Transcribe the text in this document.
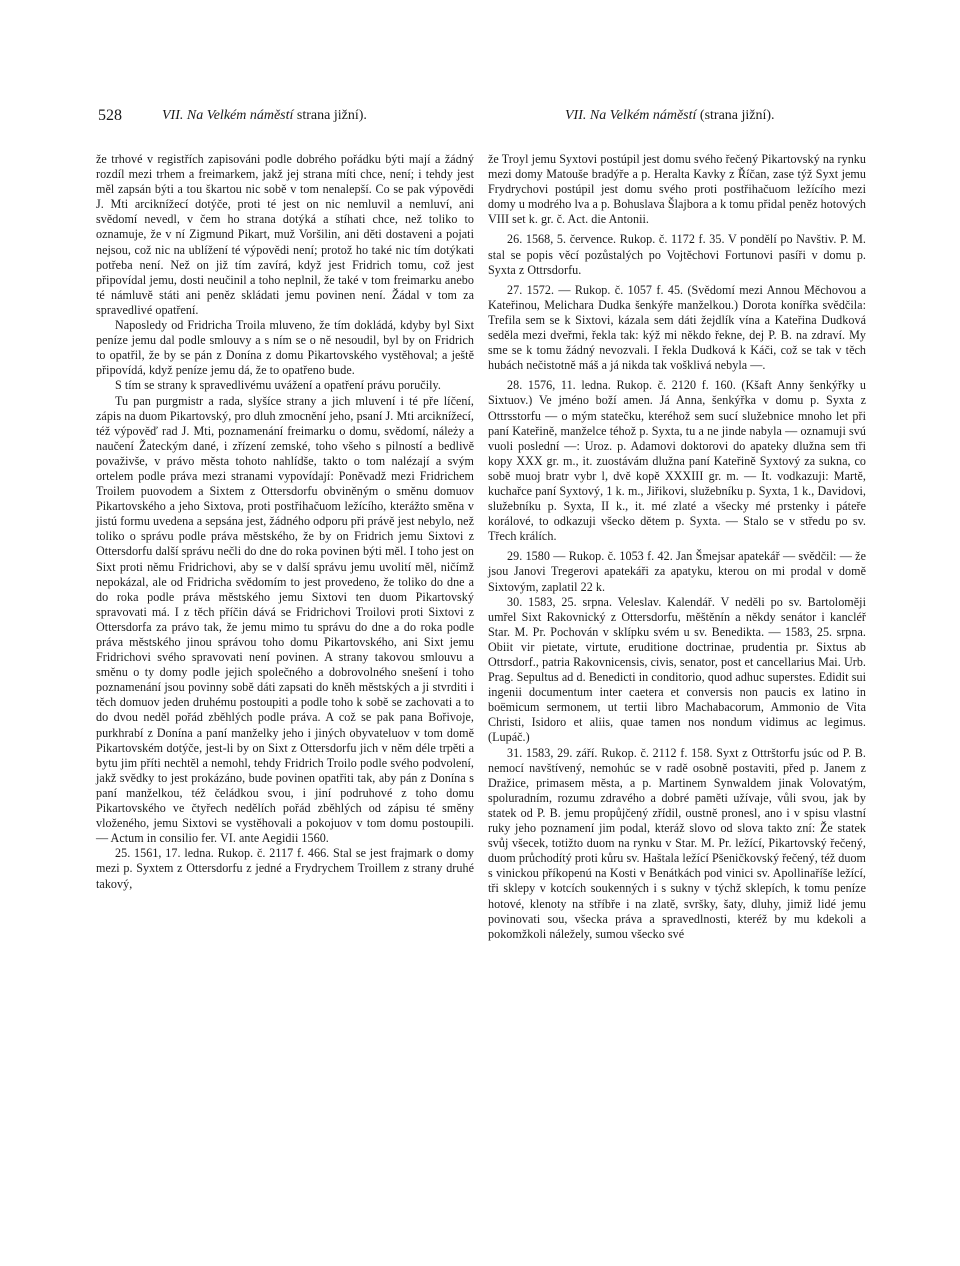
528	VII. Na Velkém náměstí strana jižní).	VII. Na Velkém náměstí (strana jižní).

že trhové v registřích zapisováni podle dobrého pořádku býti mají a žádný rozdíl mezi trhem a freimarkem, jakž jej strana míti chce, není; i tehdy jest měl zapsán býti a tou škartou nic sobě v tom nenalepší. Co se pak výpovědi J. Mti arciknížecí dotýče, proti té jest on nic nemluvil a nemluví, ani svědomí nevedl, v čem ho strana dotýká a stíhati chce, než toliko to oznamuje, že v ní Zigmund Pikart, muž Voršilin, ani děti dostaveni a pojati nejsou, což nic na ublížení té výpovědi není; protož ho také nic tím dotýkati potřeba není. Než on již tím zavírá, když jest Fridrich tomu, což jest připovídal jemu, dosti neučinil a toho neplnil, že také v tom freimarku anebo té námluvě státi ani peněz skládati jemu povinen není. Žádal v tom za spravedlivé opatření.

Naposledy od Fridricha Troila mluveno, že tím dokládá, kdyby byl Sixt peníze jemu dal podle smlouvy a s ním se o ně nesoudil, byl by on Fridrich to opatřil, že by se pán z Donína z domu Pikartovského vystěhoval; a ještě připovídá, když peníze jemu dá, že to opatřeno bude.

S tím se strany k spravedlivému uvážení a opatření právu poručily.

Tu pan purgmistr a rada, slyšíce strany a jich mluvení i té pře líčení, zápis na duom Pikartovský, pro dluh zmocnění jeho, psaní J. Mti arciknížecí, též výpověď rad J. Mti, poznamenání freimarku o domu, svědomí, náleży a naučení Žateckým dané, i zřízení zemské, toho všeho s pilností a bedlivě považivše, v právo města tohoto nahlídše, takto o tom nalézají a svým ortelem podle práva mezi stranami vypovídají: Poněvadž mezi Fridrichem Troilem puovodem a Sixtem z Ottersdorfu obviněným o směnu domuov Pikartovského a jeho Sixtova, proti postřihačuom ležícího, kterážto směna v jistú formu uvedena a sepsána jest, žádného odporu při právě jest nebylo, než toliko o správu podle práva městského, že by on Fridrich jemu Sixtovi z Ottersdorfu další správu nečli do dne do roka povinen býti měl. I toho jest on Sixt proti němu Fridrichovi, aby se v další správu jemu uvolití měl, ničímž nepokázal, ale od Fridricha svědomím to jest provedeno, že toliko do dne a do roka podle práva městského jemu Sixtovi ten duom Pikartovský spravovati má. I z těch příčin dává se Fridrichovi Troilovi proti Sixtovi z Ottersdorfa za právo tak, že jemu mimo tu správu do dne a do roka podle práva městského jinou správou toho domu Pikartovského, ani Sixt jemu Fridrichovi svého spravovati není povinen. A strany takovou smlouvu a směnu o ty domy podle jejich společného a dobrovolného snešení i toho poznamenání jsou povinny sobě dáti zapsati do kněh městských a ji stvrditi i těch domuov jeden druhému postoupiti a podle toho k sobě se zachovati a to do dvou neděl pořád zběhlých podle práva. A což se pak pana Bořivoje, purkhrabí z Donína a paní manželky jeho i jiných obyvateluov v tom domě Pikartovském dotýče, jest-li by on Sixt z Ottersdorfu jich v něm déle trpěti a bytu jim příti nechtěl a nemohl, tehdy Fridrich Troilo podle svého podvolení, jakž svědky to jest prokázáno, bude povinen opatřiti tak, aby pán z Donína s paní manželkou, též čeládkou svou, i jiní podruhové z toho domu Pikartovského ve čtyřech nedělích pořád zběhlých od zápisu té směny vloženého, jemu Sixtovi se vystěhovali a pokojuov v tom domu postoupili. — Actum in consilio fer. VI. ante Aegidii 1560.

25. 1561, 17. ledna. Rukop. č. 2117 f. 466. Stal se jest frajmark o domy mezi p. Syxtem z Ottersdorfu z jedné a Frydrychem Troillem z strany druhé takový,

že Troyl jemu Syxtovi postúpil jest domu svého řečený Pikartovský na rynku mezi domy Matouše bradýře a p. Heralta Kavky z Říčan, zase týž Syxt jemu Frydrychovi postúpil jest domu svého proti postřihačuom ležícího mezi domy u modrého lva a p. Bohuslava Šlajbora a k tomu přidal peněz hotových VIII set k. gr. č. Act. die Antonii.

26. 1568, 5. července. Rukop. č. 1172 f. 35. V pondělí po Navštiv. P. M. stal se popis věcí pozůstalých po Vojtěchovi Fortunovi pasíři v domu p. Syxta z Ottrsdorfu.

27. 1572. — Rukop. č. 1057 f. 45. (Svědomí mezi Annou Měchovou a Kateřinou, Melichara Dudka šenkýře manželkou.) Dorota konířka svědčila: Trefila sem se k Sixtovi, kázala sem dáti žejdlík vína a Kateřina Dudková seděla mezi dveřmi, řekla tak: kýž mi někdo řekne, dej P. B. na zdraví. My sme se k tomu žádný nevozvali. I řekla Dudková k Káči, což se tak v těch hubách nečistotně máš a já nikda tak vošklivá nebyla —.

28. 1576, 11. ledna. Rukop. č. 2120 f. 160. (Kšaft Anny šenkýřky u Sixtuov.) Ve jméno boží amen. Já Anna, šenkýřka v domu p. Syxta z Ottrsstorfu — o mým statečku, kteréhož sem sucí služebnice mnoho let při paní Kateřině, manželce téhož p. Syxta, tu a ne jinde nabyla — oznamuji svú vuoli poslední —: Uroz. p. Adamovi doktorovi do apateky dlužna sem tři kopy XXX gr. m., it. zuostávám dlužna paní Kateřině Syxtový za sukna, co sobě muoj bratr vybr l, dvě kopě XXXIII gr. m. — It. vodkazuji: Martě, kuchařce paní Syxtový, 1 k. m., Jiřikovi, služebníku p. Syxta, 1 k., Davidovi, služebníku p. Syxta, II k., it. mé zlaté a všecky mé prstenky i páteře korálové, to odkazuji všecko dětem p. Syxta. — Stalo se v středu po sv. Třech králích.

29. 1580 — Rukop. č. 1053 f. 42. Jan Šmejsar apatekář — svědčil: — že jsou Janovi Tregerovi apatekáři za apatyku, kterou on mi prodal v domě Sixtovým, zaplatil 22 k.

30. 1583, 25. srpna. Veleslav. Kalendář. V neděli po sv. Bartoloměji umřel Sixt Rakovnický z Ottersdorfu, měštěnín a někdy senátor i kancléř Star. M. Pr. Pochován v sklípku svém u sv. Benedikta. — 1583, 25. srpna. Obiit vir pietate, virtute, eruditione doctrinae, prudentia pr. Sixtus ab Ottrsdorf., patria Rakovnicensis, civis, senator, post et cancellarius Mai. Urb. Prag. Sepultus ad d. Benedicti in conditorio, quod adhuc superstes. Edidit sui ingenii documentum inter caetera et conversis non paucis ex latino in boëmicum sermonem, ut tertii libro Machabacorum, Ammonio de Vita Christi, Isidoro et aliis, quae tamen nos nondum vidimus ac legimus. (Lupáč.)

31. 1583, 29. září. Rukop. č. 2112 f. 158. Syxt z Ottrštorfu jsúc od P. B. nemocí navštívený, nemohúc se v radě osobně postaviti, před p. Janem z Dražice, primasem města, a p. Martinem Synwaldem jinak Volovatým, spoluradním, rozumu zdravého a dobré paměti užívaje, vůli svou, jak by statek od P. B. jemu propůjčený zřídil, oustně pronesl, ano i v spisu vlastní ruky jeho poznamení jim podal, kteráž slovo od slova takto zní: Že statek svůj všecek, totižto duom na rynku v Star. M. Pr. ležící, Pikartovský řečený, duom průchodítý proti kůru sv. Haštala ležící Pšeničkovský řečený, též duom s vinickou příkopenú na Kosti v Benátkách pod vinici sv. Apollinaříše ležící, tři sklepy v kotcích soukenných i s sukny v týchž sklepích, k tomu peníze hotové, klenoty na stříbře i na zlatě, svršky, šaty, dluhy, jimiž lidé jemu povinovati sou, všecka práva a spravedlnosti, kteréž by mu kdekoli a pokomžkoli náležely, sumou všecko své
